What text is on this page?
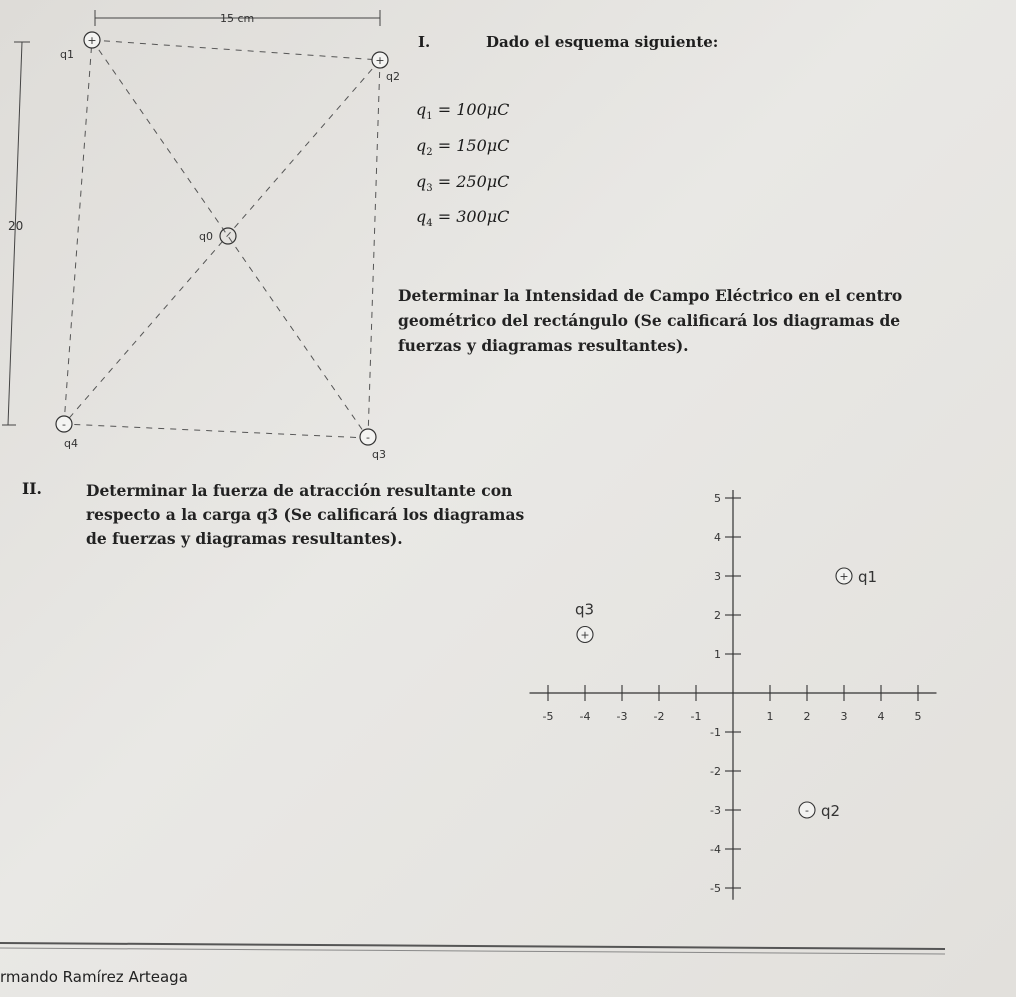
15 cm
20
+
q1	+
q2
-
q3
-
q4
q0
I.	Dado el esquema siguiente:
$q_1 = 100\mu C$
$q_2 = 150\mu C$
$q_3 = 250\mu C$
$q_4 = 300\mu C$
Determinar la Intensidad de Campo Eléctrico en el centro geométrico del rectángulo (Se calificará los diagramas de fuerzas y diagramas resultantes).
II.	Determinar la fuerza de atracción resultante con respecto a la carga q3 (Se calificará los diagramas de fuerzas y diagramas resultantes).
-5 -4 -3 -2 -1	1	2	3	4	5
5
4
3
2
1
-1
-2
-3
-4
-5
+ q1
- q2
+
q3
rmando Ramírez Arteaga
